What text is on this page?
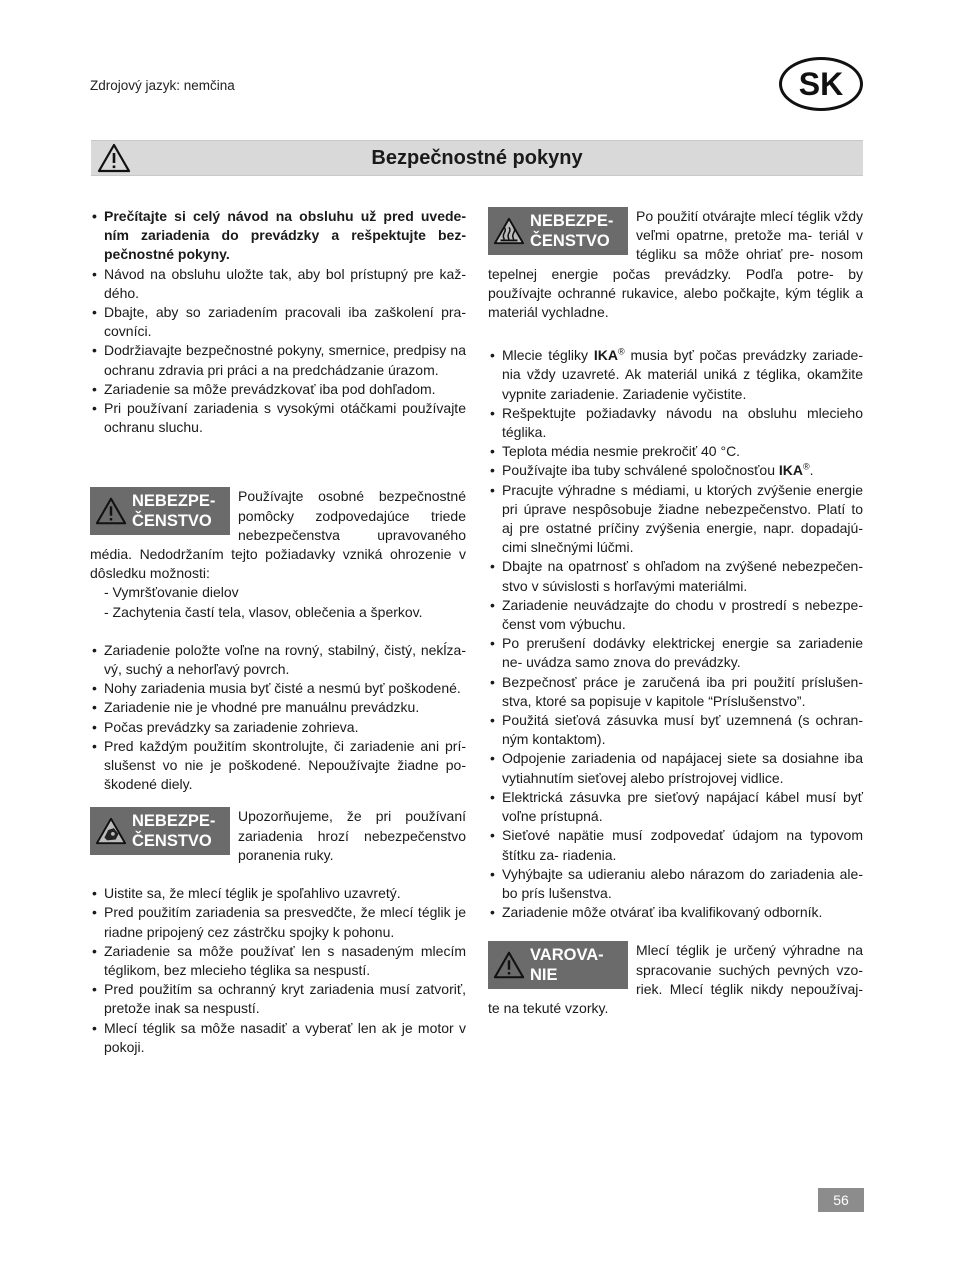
Zdrojový jazyk: nemčina	SK
Bezpečnostné pokyny

• Prečítajte si celý návod na obsluhu už pred uvede- ním zariadenia do prevádzky a rešpektujte bez- pečnostné pokyny.

• Návod na obsluhu uložte tak, aby bol prístupný pre kaž- dého.

• Dbajte, aby so zariadením pracovali iba zaškolení pra- covníci.

• Dodržiavajte bezpečnostné pokyny, smernice, predpisy na ochranu zdravia pri práci a na predchádzanie úrazom.

• Zariadenie sa môže prevádzkovať iba pod dohľadom.

• Pri používaní zariadenia s vysokými otáčkami používajte ochranu sluchu.

NEBEZPE- ČENSTVO

Používajte osobné bezpečnostné pomôcky zodpovedajúce triede nebezpečenstva upravovaného média. Nedodržaním tejto požiadavky vzniká ohrozenie v dôsledku možnosti:

- Vymršťovanie dielov

- Zachytenia častí tela, vlasov, oblečenia a šperkov.

• Zariadenie položte voľne na rovný, stabilný, čistý, nekĺza- vý, suchý a nehorľavý povrch.

• Nohy zariadenia musia byť čisté a nesmú byť poškodené.

• Zariadenie nie je vhodné pre manuálnu prevádzku.

• Počas prevádzky sa zariadenie zohrieva.

• Pred každým použitím skontrolujte, či zariadenie ani prí- slušenst vo nie je poškodené. Nepoužívajte žiadne po- škodené diely.

NEBEZPE- ČENSTVO

Upozorňujeme, že pri používaní zariadenia hrozí nebezpečenstvo poranenia ruky.

• Uistite sa, že mlecí téglik je spoľahlivo uzavretý.

• Pred použitím zariadenia sa presvedčte, že mlecí téglik je riadne pripojený cez zástrčku spojky k pohonu.

• Zariadenie sa môže používať len s nasadeným mlecím téglikom, bez mlecieho téglika sa nespustí.

• Pred použitím sa ochranný kryt zariadenia musí zatvoriť, pretože inak sa nespustí.

• Mlecí téglik sa môže nasadiť a vyberať len ak je motor v pokoji.

NEBEZPE- ČENSTVO

Po použití otvárajte mlecí téglik vždy veľmi opatrne, pretože ma- teriál v tégliku sa môže ohriať pre- nosom tepelnej energie počas prevádzky. Podľa potre- by používajte ochranné rukavice, alebo počkajte, kým téglik a materiál vychladne.

• Mlecie tégliky IKA® musia byť počas prevádzky zariade- nia vždy uzavreté. Ak materiál uniká z téglika, okamžite vypnite zariadenie. Zariadenie vyčistite.

• Rešpektujte požiadavky návodu na obsluhu mlecieho téglika.

• Teplota média nesmie prekročiť 40 °C.

• Používajte iba tuby schválené spoločnosťou IKA®.

• Pracujte výhradne s médiami, u ktorých zvýšenie energie pri úprave nespôsobuje žiadne nebezpečenstvo. Platí to aj pre ostatné príčiny zvýšenia energie, napr. dopadajú- cimi slnečnými lúčmi.

• Dbajte na opatrnosť s ohľadom na zvýšené nebezpečen- stvo v súvislosti s horľavými materiálmi.

• Zariadenie neuvádzajte do chodu v prostredí s nebezpe- čenst vom výbuchu.

• Po prerušení dodávky elektrickej energie sa zariadenie ne- uvádza samo znova do prevádzky.

• Bezpečnosť práce je zaručená iba pri použití príslušen- stva, ktoré sa popisuje v kapitole “Príslušenstvo”.

• Použitá sieťová zásuvka musí byť uzemnená (s ochran- ným kontaktom).

• Odpojenie zariadenia od napájacej siete sa dosiahne iba vytiahnutím sieťovej alebo prístrojovej vidlice.

• Elektrická zásuvka pre sieťový napájací kábel musí byť voľne prístupná.

• Sieťové napätie musí zodpovedať údajom na typovom štítku za- riadenia.

• Vyhýbajte sa udieraniu alebo nárazom do zariadenia ale- bo prís lušenstva.

• Zariadenie môže otvárať iba kvalifikovaný odborník.

VAROVA- NIE

Mlecí téglik je určený výhradne na spracovanie suchých pevných vzo- riek. Mlecí téglik nikdy nepoužívaj- te na tekuté vzorky.

56
